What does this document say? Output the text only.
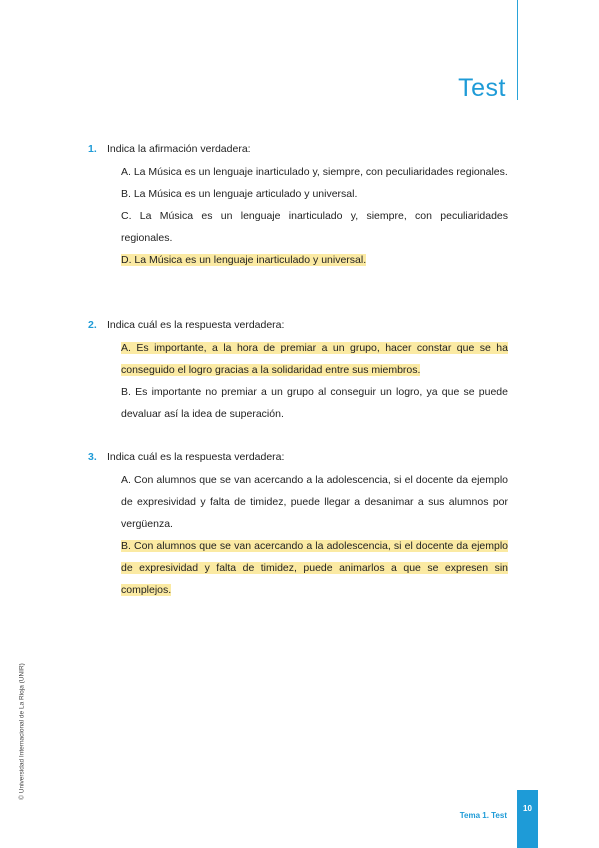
Test
1. Indica la afirmación verdadera:
A. La Música es un lenguaje inarticulado y, siempre, con peculiaridades regionales.
B. La Música es un lenguaje articulado y universal.
C. La Música es un lenguaje inarticulado y, siempre, con peculiaridades regionales.
D. La Música es un lenguaje inarticulado y universal.
2. Indica cuál es la respuesta verdadera:
A. Es importante, a la hora de premiar a un grupo, hacer constar que se ha conseguido el logro gracias a la solidaridad entre sus miembros.
B. Es importante no premiar a un grupo al conseguir un logro, ya que se puede devaluar así la idea de superación.
3. Indica cuál es la respuesta verdadera:
A. Con alumnos que se van acercando a la adolescencia, si el docente da ejemplo de expresividad y falta de timidez, puede llegar a desanimar a sus alumnos por vergüenza.
B. Con alumnos que se van acercando a la adolescencia, si el docente da ejemplo de expresividad y falta de timidez, puede animarlos a que se expresen sin complejos.
© Universidad Internacional de La Rioja (UNIR)
Tema 1. Test
10
